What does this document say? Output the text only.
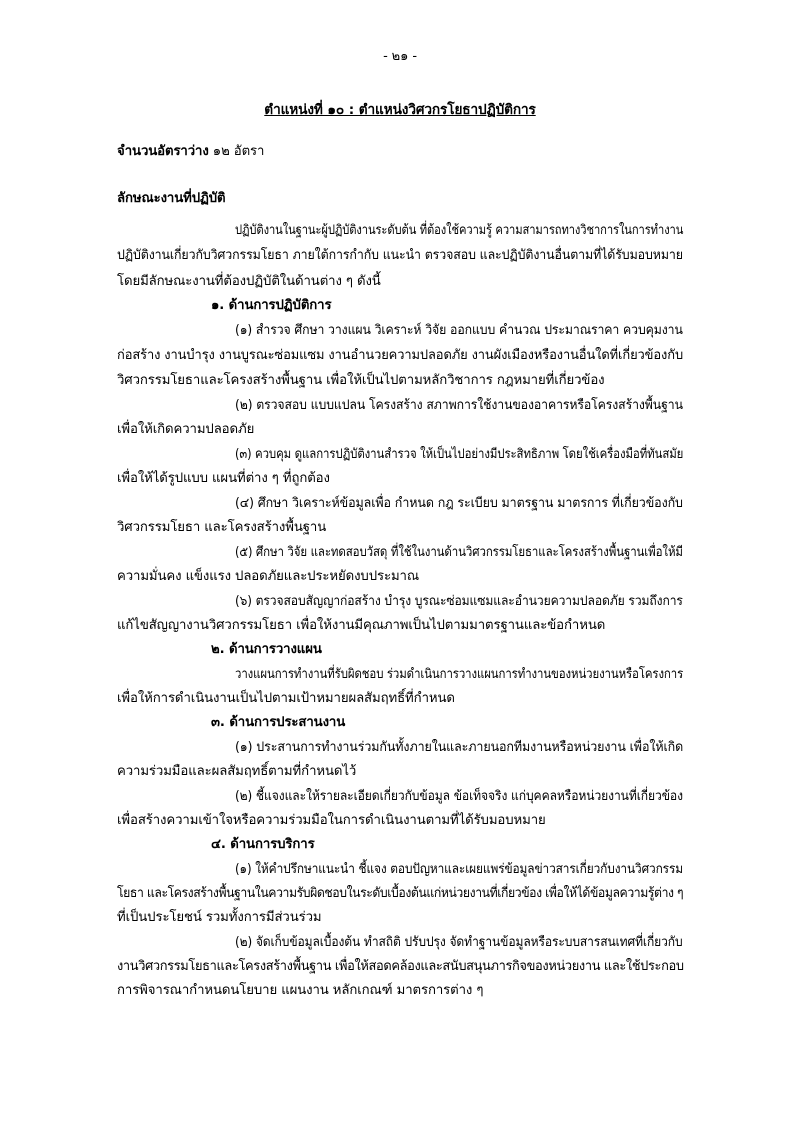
- ๒๑ -
ตำแหน่งที่ ๑๐ : ตำแหน่งวิศวกรโยธาปฏิบัติการ
จำนวนอัตราว่าง ๑๒ อัตรา
ลักษณะงานที่ปฏิบัติ
ปฏิบัติงานในฐานะผู้ปฏิบัติงานระดับต้น ที่ต้องใช้ความรู้ ความสามารถทางวิชาการในการทำงาน
ปฏิบัติงานเกี่ยวกับวิศวกรรมโยธา ภายใต้การกำกับ แนะนำ ตรวจสอบ และปฏิบัติงานอื่นตามที่ได้รับมอบหมาย
โดยมีลักษณะงานที่ต้องปฏิบัติในด้านต่าง ๆ ดังนี้
๑. ด้านการปฏิบัติการ
(๑) สำรวจ ศึกษา วางแผน วิเคราะห์ วิจัย ออกแบบ คำนวณ ประมาณราคา ควบคุมงาน
ก่อสร้าง งานบำรุง งานบูรณะซ่อมแซม งานอำนวยความปลอดภัย งานผังเมืองหรืองานอื่นใดที่เกี่ยวข้องกับ
วิศวกรรมโยธาและโครงสร้างพื้นฐาน เพื่อให้เป็นไปตามหลักวิชาการ กฎหมายที่เกี่ยวข้อง
(๒) ตรวจสอบ แบบแปลน โครงสร้าง สภาพการใช้งานของอาคารหรือโครงสร้างพื้นฐาน
เพื่อให้เกิดความปลอดภัย
(๓) ควบคุม ดูแลการปฏิบัติงานสำรวจ ให้เป็นไปอย่างมีประสิทธิภาพ โดยใช้เครื่องมือที่ทันสมัย
เพื่อให้ได้รูปแบบ แผนที่ต่าง ๆ ที่ถูกต้อง
(๔) ศึกษา วิเคราะห์ข้อมูลเพื่อ กำหนด กฎ ระเบียบ มาตรฐาน มาตรการ ที่เกี่ยวข้องกับ
วิศวกรรมโยธา และโครงสร้างพื้นฐาน
(๕) ศึกษา วิจัย และทดสอบวัสดุ ที่ใช้ในงานด้านวิศวกรรมโยธาและโครงสร้างพื้นฐานเพื่อให้มี
ความมั่นคง แข็งแรง ปลอดภัยและประหยัดงบประมาณ
(๖) ตรวจสอบสัญญาก่อสร้าง บำรุง บูรณะซ่อมแซมและอำนวยความปลอดภัย รวมถึงการ
แก้ไขสัญญางานวิศวกรรมโยธา เพื่อให้งานมีคุณภาพเป็นไปตามมาตรฐานและข้อกำหนด
๒. ด้านการวางแผน
วางแผนการทำงานที่รับผิดชอบ ร่วมดำเนินการวางแผนการทำงานของหน่วยงานหรือโครงการ
เพื่อให้การดำเนินงานเป็นไปตามเป้าหมายผลสัมฤทธิ์ที่กำหนด
๓. ด้านการประสานงาน
(๑) ประสานการทำงานร่วมกันทั้งภายในและภายนอกทีมงานหรือหน่วยงาน เพื่อให้เกิด
ความร่วมมือและผลสัมฤทธิ์ตามที่กำหนดไว้
(๒) ชี้แจงและให้รายละเอียดเกี่ยวกับข้อมูล ข้อเท็จจริง แก่บุคคลหรือหน่วยงานที่เกี่ยวข้อง
เพื่อสร้างความเข้าใจหรือความร่วมมือในการดำเนินงานตามที่ได้รับมอบหมาย
๔. ด้านการบริการ
(๑) ให้คำปรึกษาแนะนำ ชี้แจง ตอบปัญหาและเผยแพร่ข้อมูลข่าวสารเกี่ยวกับงานวิศวกรรม
โยธา และโครงสร้างพื้นฐานในความรับผิดชอบในระดับเบื้องต้นแก่หน่วยงานที่เกี่ยวข้อง เพื่อให้ได้ข้อมูลความรู้ต่าง ๆ
ที่เป็นประโยชน์ รวมทั้งการมีส่วนร่วม
(๒) จัดเก็บข้อมูลเบื้องต้น ทำสถิติ ปรับปรุง จัดทำฐานข้อมูลหรือระบบสารสนเทศที่เกี่ยวกับ
งานวิศวกรรมโยธาและโครงสร้างพื้นฐาน เพื่อให้สอดคล้องและสนับสนุนภารกิจของหน่วยงาน และใช้ประกอบ
การพิจารณากำหนดนโยบาย แผนงาน หลักเกณฑ์ มาตรการต่าง ๆ
